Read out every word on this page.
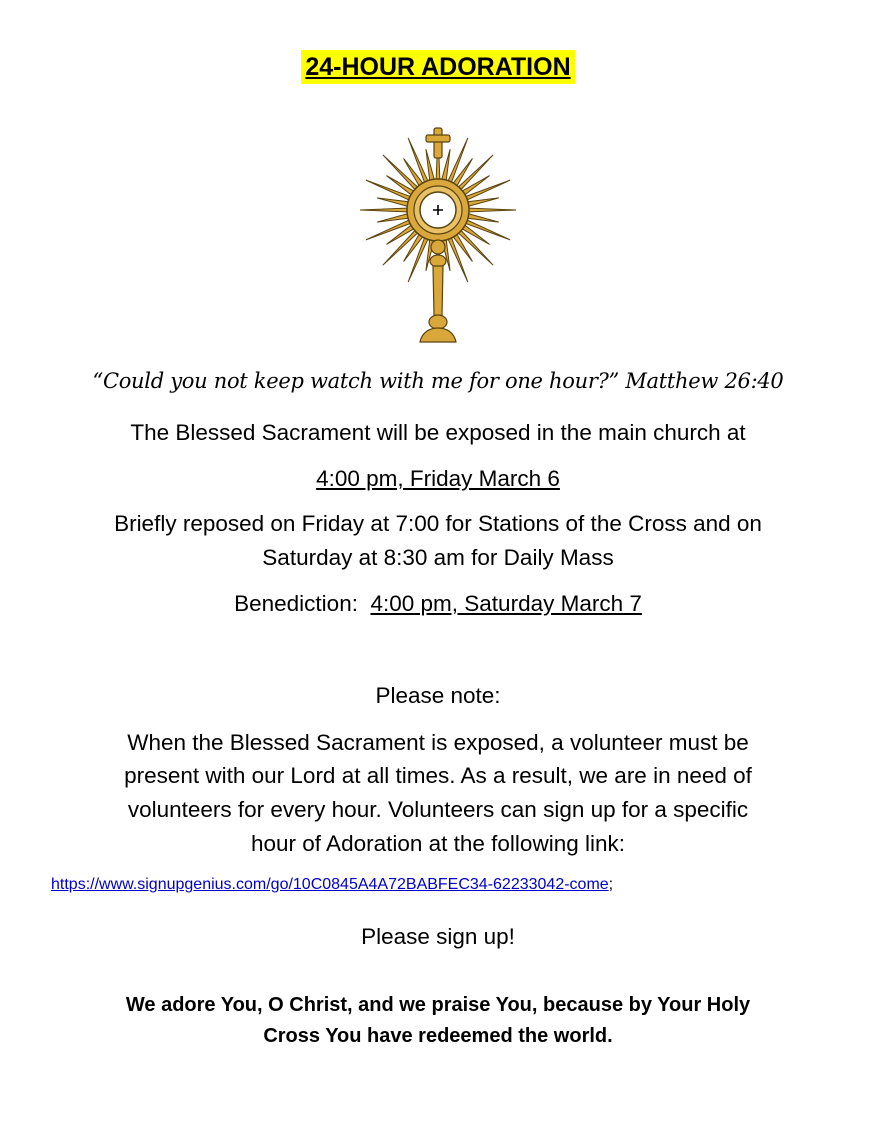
24-HOUR ADORATION
“Could you not keep watch with me for one hour?” Matthew 26:40
The Blessed Sacrament will be exposed in the main church at
4:00 pm, Friday March 6
Briefly reposed on Friday at 7:00 for Stations of the Cross and on
Saturday at 8:30 am for Daily Mass
Benediction: 4:00 pm, Saturday March 7
Please note:
When the Blessed Sacrament is exposed, a volunteer must be
present with our Lord at all times. As a result, we are in need of
volunteers for every hour. Volunteers can sign up for a specific
hour of Adoration at the following link:
https://www.signupgenius.com/go/10C0845A4A72BABFEC34-62233042-come;
Please sign up!
We adore You, O Christ, and we praise You, because by Your Holy
Cross You have redeemed the world.
